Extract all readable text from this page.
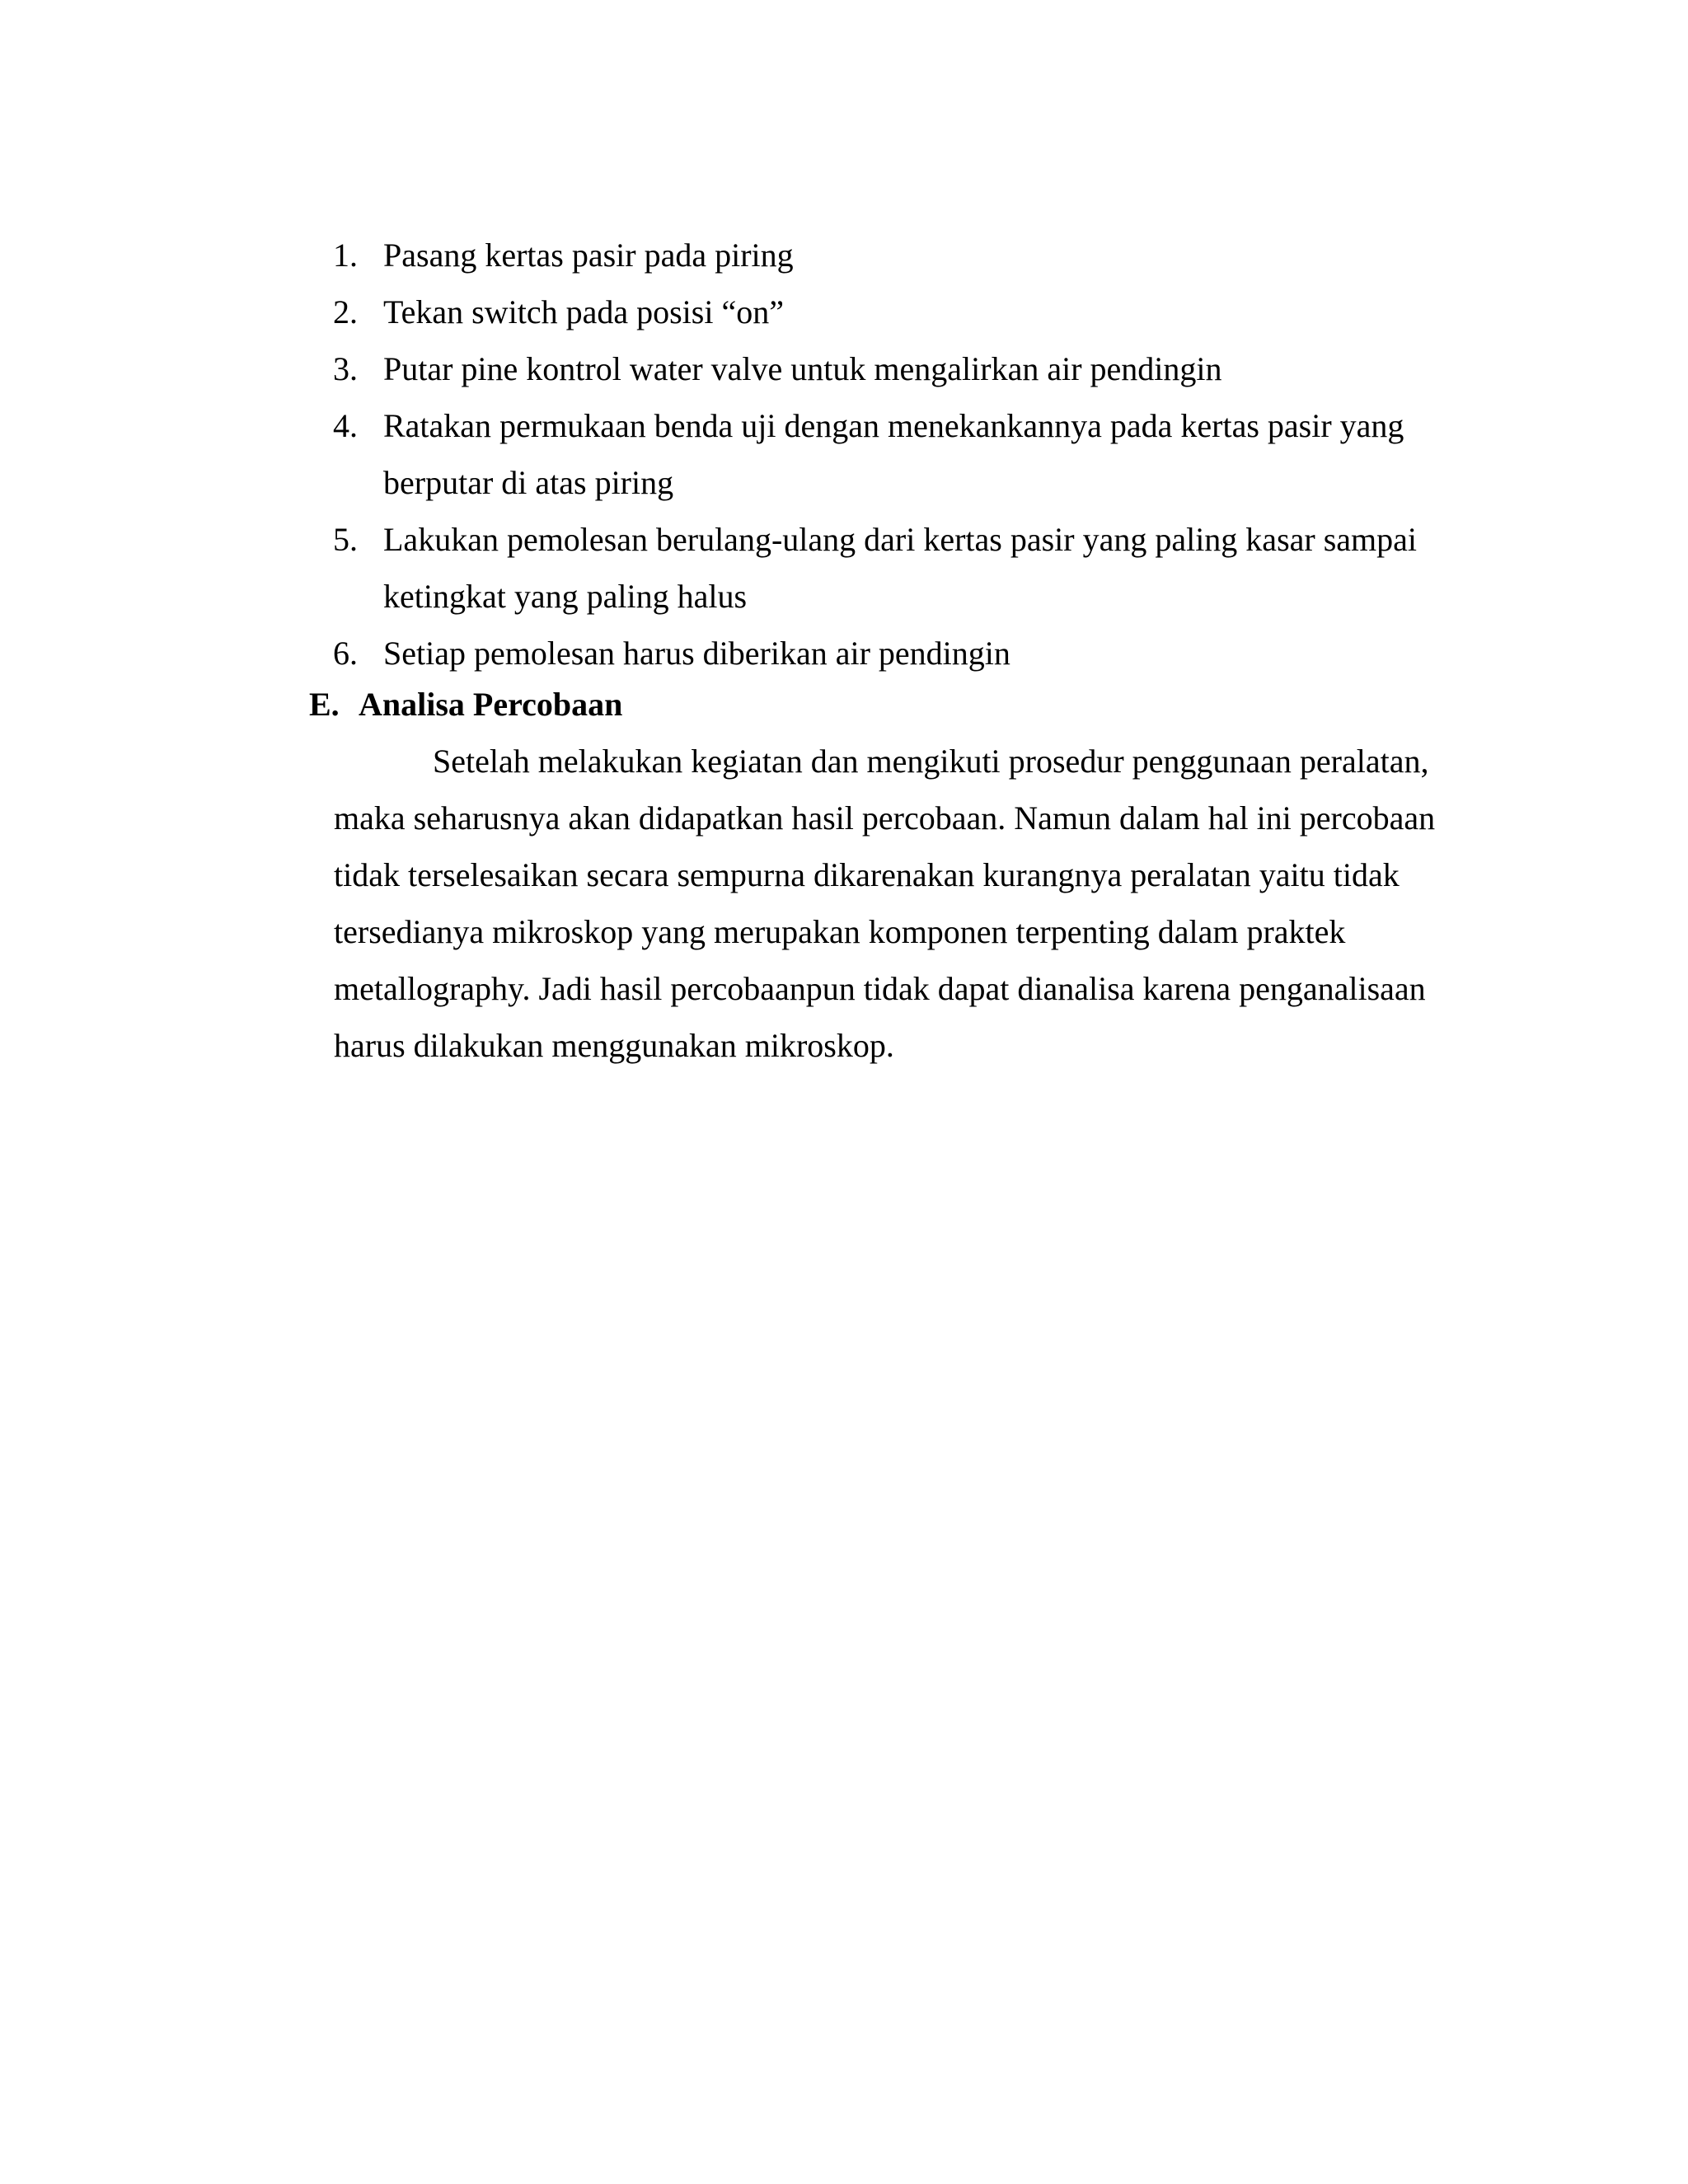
1. Pasang kertas pasir pada piring
2. Tekan switch pada posisi “on”
3. Putar pine kontrol water valve untuk mengalirkan air pendingin
4. Ratakan permukaan benda uji dengan menekankannya pada kertas pasir yang
berputar di atas piring
5. Lakukan pemolesan berulang-ulang dari kertas pasir yang paling kasar sampai
ketingkat yang paling halus
6. Setiap pemolesan harus diberikan air pendingin
E. Analisa Percobaan

Setelah melakukan kegiatan dan mengikuti prosedur penggunaan peralatan,
maka seharusnya akan didapatkan hasil percobaan. Namun dalam hal ini percobaan
tidak terselesaikan secara sempurna dikarenakan kurangnya peralatan yaitu tidak
tersedianya mikroskop yang merupakan komponen terpenting dalam praktek
metallography. Jadi hasil percobaanpun tidak dapat dianalisa karena penganalisaan
harus dilakukan menggunakan mikroskop.
